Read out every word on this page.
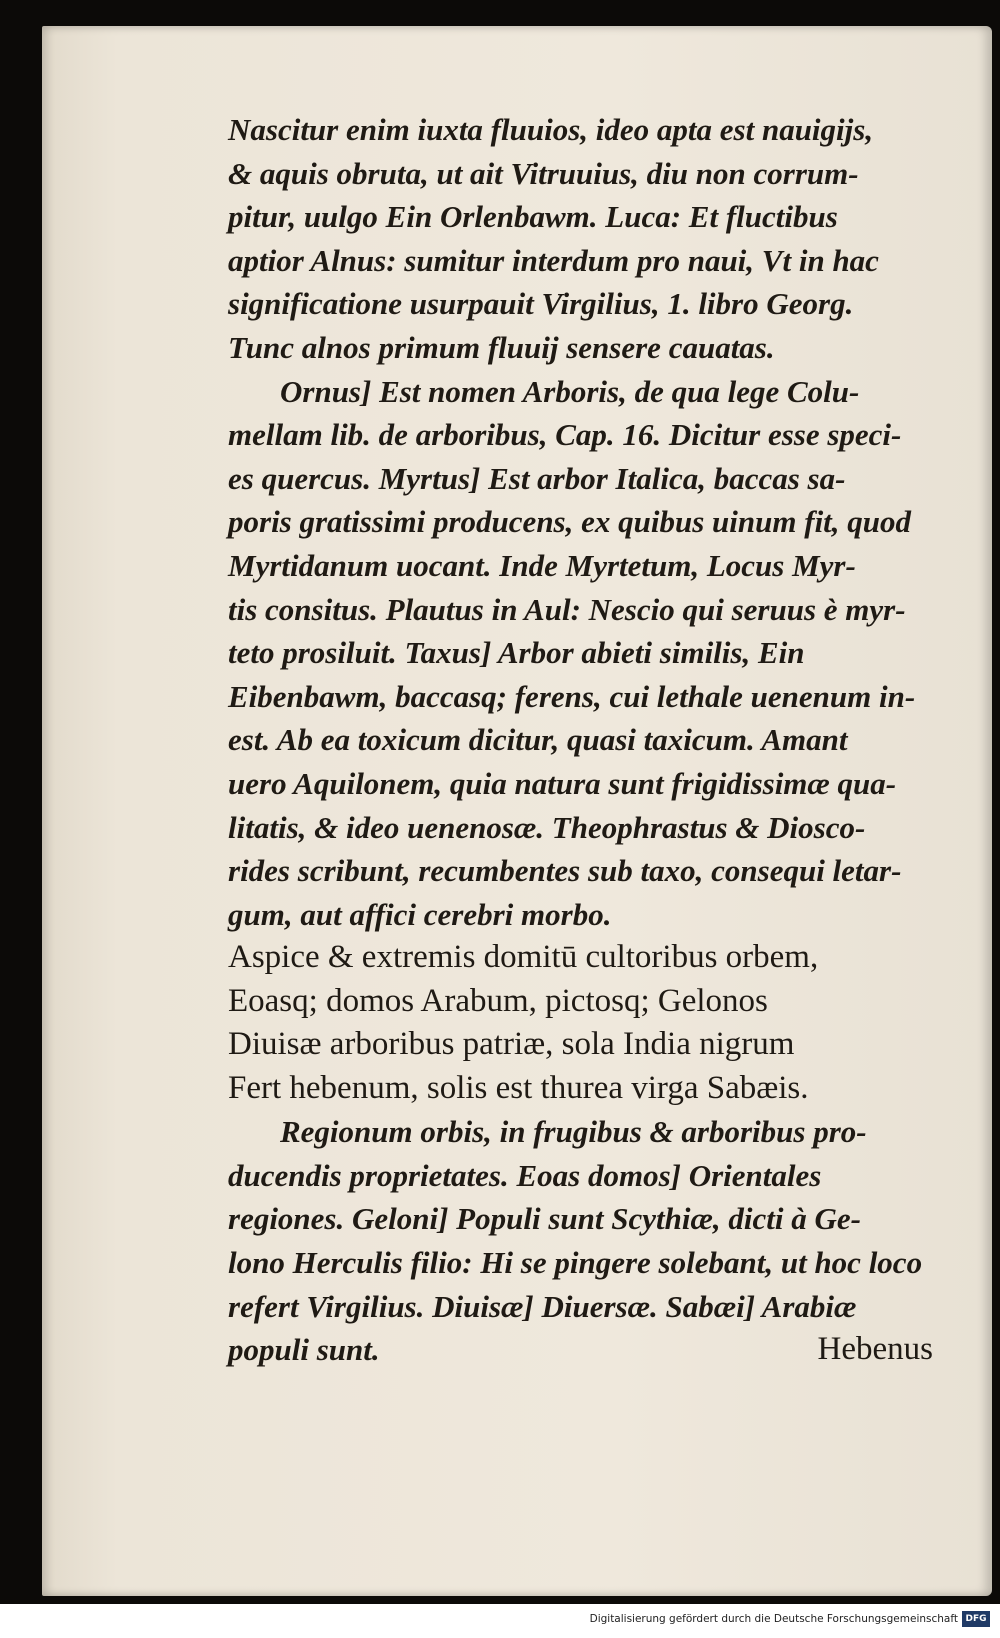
Nascitur enim iuxta fluuios, ideo apta est nauigijs,
& aquis obruta, ut ait Vitruuius, diu non corrum-
pitur, uulgo Ein Orlenbawm. Luca: Et fluctibus
aptior Alnus: sumitur interdum pro naui, Vt in hac
significatione usurpauit Virgilius, 1. libro Georg.
Tunc alnos primum fluuij sensere cauatas.
Ornus] Est nomen Arboris, de qua lege Colu-
mellam lib. de arboribus, Cap. 16. Dicitur esse speci-
es quercus. Myrtus] Est arbor Italica, baccas sa-
poris gratissimi producens, ex quibus uinum fit, quod
Myrtidanum uocant. Inde Myrtetum, Locus Myr-
tis consitus. Plautus in Aul: Nescio qui seruus è myr-
teto prosiluit. Taxus] Arbor abieti similis, Ein
Eibenbawm, baccasq; ferens, cui lethale uenenum in-
est. Ab ea toxicum dicitur, quasi taxicum. Amant
uero Aquilonem, quia natura sunt frigidissimæ qua-
litatis, & ideo uenenosæ. Theophrastus & Diosco-
rides scribunt, recumbentes sub taxo, consequi letar-
gum, aut affici cerebri morbo.
Aspice & extremis domitū cultoribus orbem,
Eoasq; domos Arabum, pictosq; Gelonos
Diuisæ arboribus patriæ, sola India nigrum
Fert hebenum, solis est thurea virga Sabæis.
Regionum orbis, in frugibus & arboribus pro-
ducendis proprietates. Eoas domos] Orientales
regiones. Geloni] Populi sunt Scythiæ, dicti à Ge-
lono Herculis filio: Hi se pingere solebant, ut hoc loco
refert Virgilius. Diuisæ] Diuersæ. Sabæi] Arabiæ
populi sunt.	Hebenus
Digitalisierung gefördert durch die Deutsche Forschungsgemeinschaft DFG
